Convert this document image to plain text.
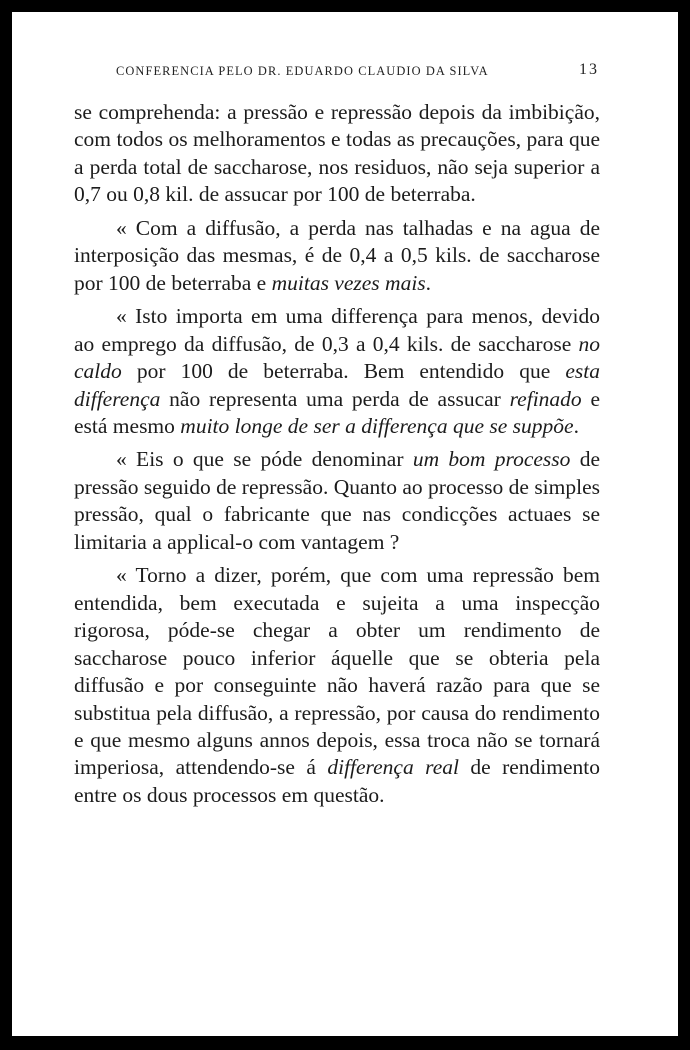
CONFERENCIA PELO DR. EDUARDO CLAUDIO DA SILVA	13

se comprehenda: a pressão e repressão depois da imbibição, com todos os melhoramentos e todas as precauções, para que a perda total de saccharose, nos residuos, não seja superior a 0,7 ou 0,8 kil. de assucar por 100 de beterraba.

« Com a diffusão, a perda nas talhadas e na agua de interposição das mesmas, é de 0,4 a 0,5 kils. de saccharose por 100 de beterraba e muitas vezes mais.

« Isto importa em uma differença para menos, devido ao emprego da diffusão, de 0,3 a 0,4 kils. de saccharose no caldo por 100 de beterraba. Bem entendido que esta differença não representa uma perda de assucar refinado e está mesmo muito longe de ser a differença que se suppõe.

« Eis o que se póde denominar um bom processo de pressão seguido de repressão. Quanto ao processo de simples pressão, qual o fabricante que nas condicções actuaes se limitaria a applical-o com vantagem ?

« Torno a dizer, porém, que com uma repressão bem entendida, bem executada e sujeita a uma inspecção rigorosa, póde-se chegar a obter um rendimento de saccharose pouco inferior áquelle que se obteria pela diffusão e por conseguinte não haverá razão para que se substitua pela diffusão, a repressão, por causa do rendimento e que mesmo alguns annos depois, essa troca não se tornará imperiosa, attendendo-se á differença real de rendimento entre os dous processos em questão.
